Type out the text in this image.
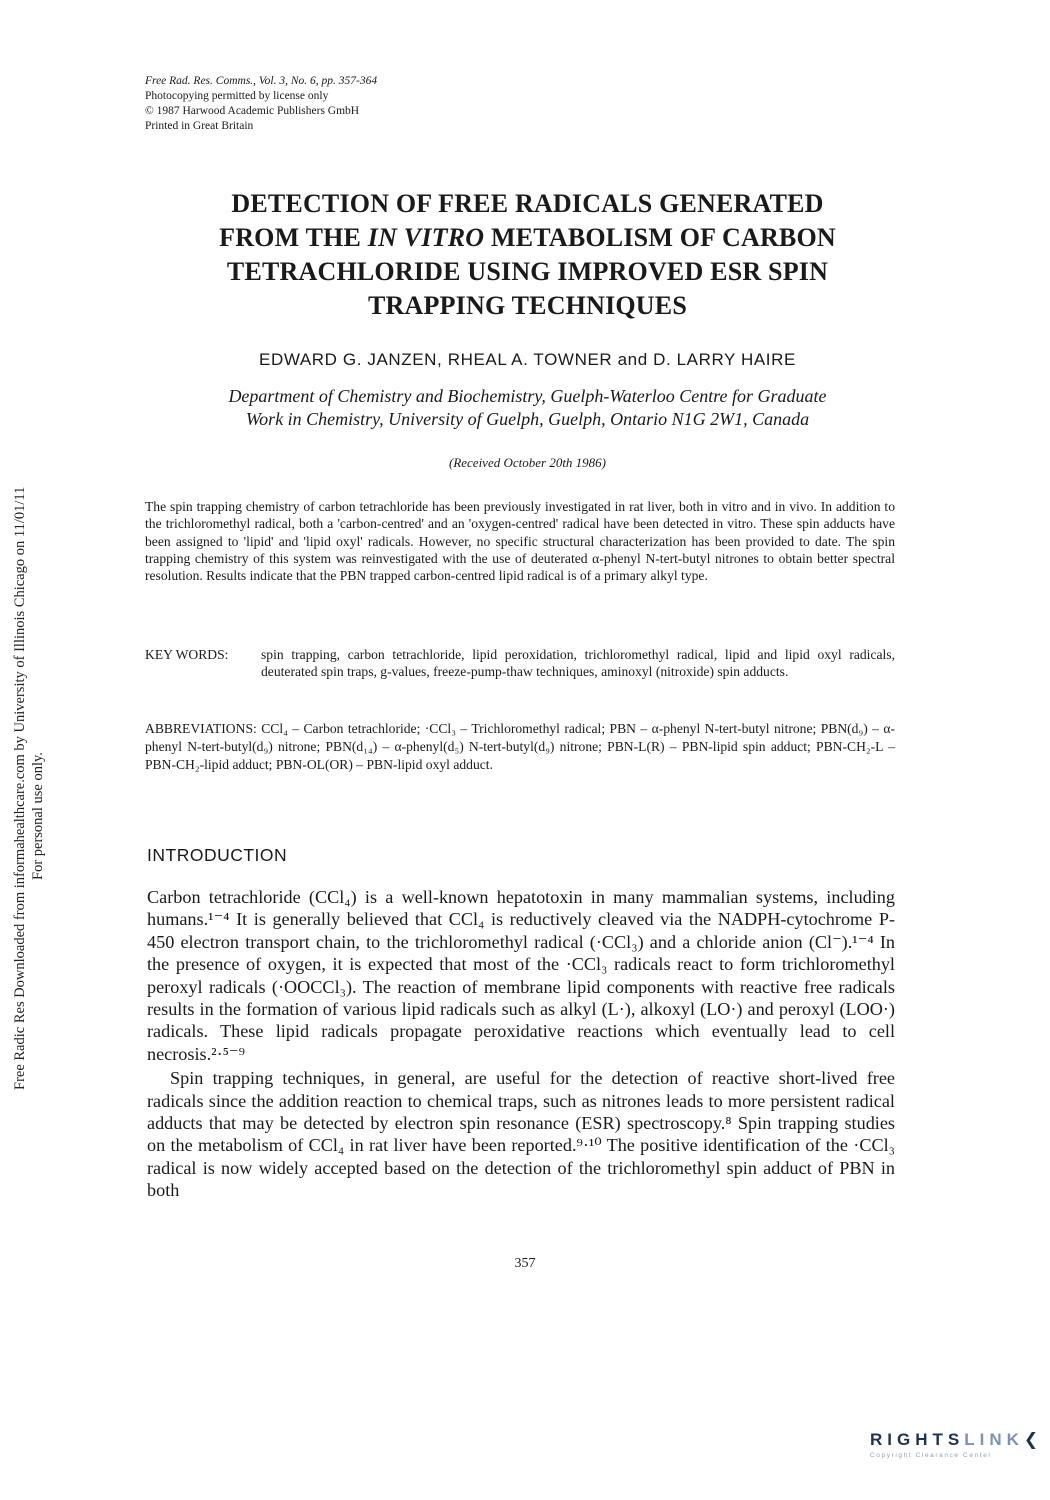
Free Radic Res Downloaded from informahealthcare.com by University of Illinois Chicago on 11/01/11 For personal use only.
Free Rad. Res. Comms., Vol. 3, No. 6, pp. 357-364
Photocopying permitted by license only
© 1987 Harwood Academic Publishers GmbH
Printed in Great Britain
DETECTION OF FREE RADICALS GENERATED
FROM THE IN VITRO METABOLISM OF CARBON
TETRACHLORIDE USING IMPROVED ESR SPIN
TRAPPING TECHNIQUES
EDWARD G. JANZEN, RHEAL A. TOWNER and D. LARRY HAIRE
Department of Chemistry and Biochemistry, Guelph-Waterloo Centre for Graduate
Work in Chemistry, University of Guelph, Guelph, Ontario N1G 2W1, Canada
(Received October 20th 1986)
The spin trapping chemistry of carbon tetrachloride has been previously investigated in rat liver, both in vitro and in vivo. In addition to the trichloromethyl radical, both a 'carbon-centred' and an 'oxygen-centred' radical have been detected in vitro. These spin adducts have been assigned to 'lipid' and 'lipid oxyl' radicals. However, no specific structural characterization has been provided to date. The spin trapping chemistry of this system was reinvestigated with the use of deuterated α-phenyl N-tert-butyl nitrones to obtain better spectral resolution. Results indicate that the PBN trapped carbon-centred lipid radical is of a primary alkyl type.
KEY WORDS: spin trapping, carbon tetrachloride, lipid peroxidation, trichloromethyl radical, lipid and lipid oxyl radicals, deuterated spin traps, g-values, freeze-pump-thaw techniques, aminoxyl (nitroxide) spin adducts.
ABBREVIATIONS: CCl₄ – Carbon tetrachloride; ·CCl₃ – Trichloromethyl radical; PBN – α-phenyl N-tert-butyl nitrone; PBN(d₉) – α-phenyl N-tert-butyl(d₉) nitrone; PBN(d₁₄) – α-phenyl(d₅) N-tert-butyl(d₉) nitrone; PBN-L(R) – PBN-lipid spin adduct; PBN-CH₂-L – PBN-CH₂-lipid adduct; PBN-OL(OR) – PBN-lipid oxyl adduct.
INTRODUCTION

Carbon tetrachloride (CCl₄) is a well-known hepatotoxin in many mammalian systems, including humans.¹⁻⁴ It is generally believed that CCl₄ is reductively cleaved via the NADPH-cytochrome P-450 electron transport chain, to the trichloromethyl radical (·CCl₃) and a chloride anion (Cl⁻).¹⁻⁴ In the presence of oxygen, it is expected that most of the ·CCl₃ radicals react to form trichloromethyl peroxyl radicals (·OOCCl₃). The reaction of membrane lipid components with reactive free radicals results in the formation of various lipid radicals such as alkyl (L·), alkoxyl (LO·) and peroxyl (LOO·) radicals. These lipid radicals propagate peroxidative reactions which eventually lead to cell necrosis.²·⁵⁻⁹

Spin trapping techniques, in general, are useful for the detection of reactive short-lived free radicals since the addition reaction to chemical traps, such as nitrones leads to more persistent radical adducts that may be detected by electron spin resonance (ESR) spectroscopy.⁸ Spin trapping studies on the metabolism of CCl₄ in rat liver have been reported.⁹·¹⁰ The positive identification of the ·CCl₃ radical is now widely accepted based on the detection of the trichloromethyl spin adduct of PBN in both

357
RIGHTSLINK❮
Copyright Clearance Center
